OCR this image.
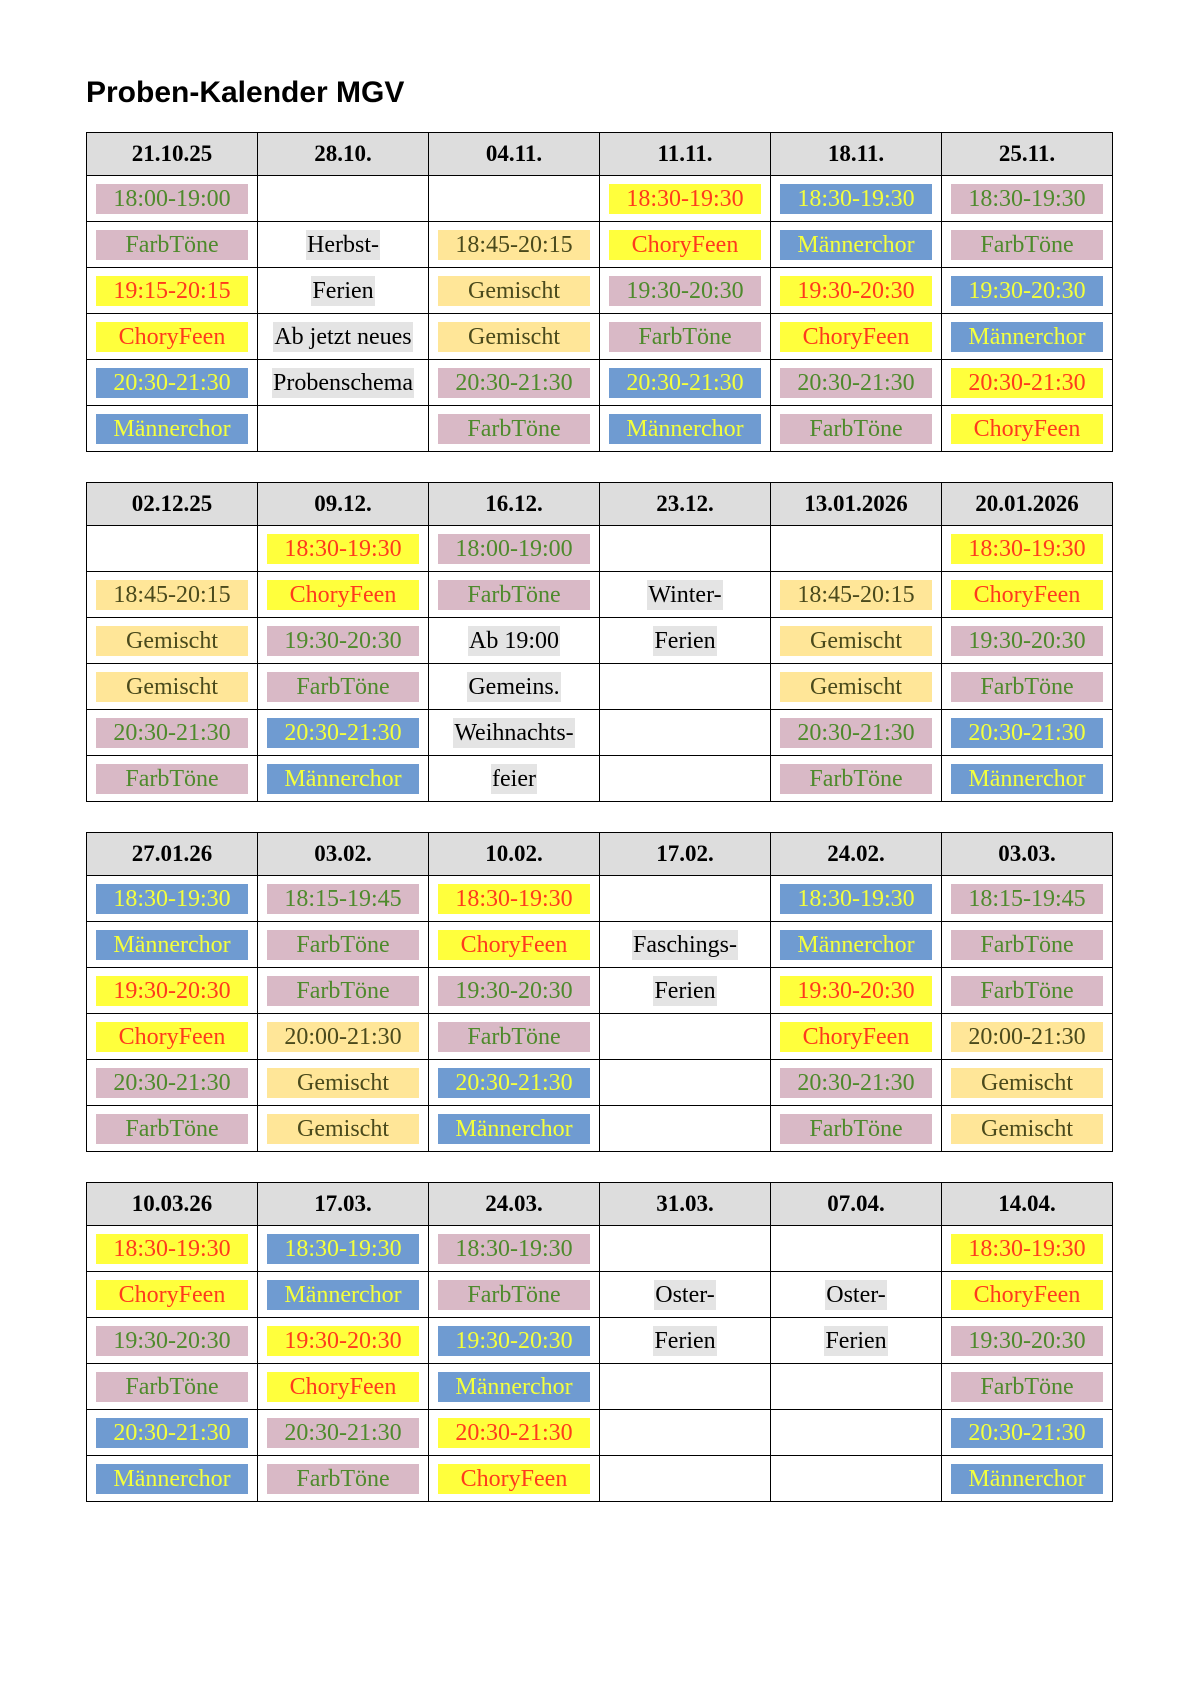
Proben-Kalender MGV
21.10.25	28.10.	04.11.	11.11.	18.11.	25.11.
18:00-19:00			18:30-19:30	18:30-19:30	18:30-19:30
FarbTöne	Herbst-	18:45-20:15	ChoryFeen	Männerchor	FarbTöne
19:15-20:15	Ferien	Gemischt	19:30-20:30	19:30-20:30	19:30-20:30
ChoryFeen	Ab jetzt neues	Gemischt	FarbTöne	ChoryFeen	Männerchor
20:30-21:30	Probenschema	20:30-21:30	20:30-21:30	20:30-21:30	20:30-21:30
Männerchor		FarbTöne	Männerchor	FarbTöne	ChoryFeen
02.12.25	09.12.	16.12.	23.12.	13.01.2026	20.01.2026
	18:30-19:30	18:00-19:00			18:30-19:30
18:45-20:15	ChoryFeen	FarbTöne	Winter-	18:45-20:15	ChoryFeen
Gemischt	19:30-20:30	Ab 19:00	Ferien	Gemischt	19:30-20:30
Gemischt	FarbTöne	Gemeins.		Gemischt	FarbTöne
20:30-21:30	20:30-21:30	Weihnachts-		20:30-21:30	20:30-21:30
FarbTöne	Männerchor	feier		FarbTöne	Männerchor
27.01.26	03.02.	10.02.	17.02.	24.02.	03.03.
18:30-19:30	18:15-19:45	18:30-19:30		18:30-19:30	18:15-19:45
Männerchor	FarbTöne	ChoryFeen	Faschings-	Männerchor	FarbTöne
19:30-20:30	FarbTöne	19:30-20:30	Ferien	19:30-20:30	FarbTöne
ChoryFeen	20:00-21:30	FarbTöne		ChoryFeen	20:00-21:30
20:30-21:30	Gemischt	20:30-21:30		20:30-21:30	Gemischt
FarbTöne	Gemischt	Männerchor		FarbTöne	Gemischt
10.03.26	17.03.	24.03.	31.03.	07.04.	14.04.
18:30-19:30	18:30-19:30	18:30-19:30			18:30-19:30
ChoryFeen	Männerchor	FarbTöne	Oster-	Oster-	ChoryFeen
19:30-20:30	19:30-20:30	19:30-20:30	Ferien	Ferien	19:30-20:30
FarbTöne	ChoryFeen	Männerchor			FarbTöne
20:30-21:30	20:30-21:30	20:30-21:30			20:30-21:30
Männerchor	FarbTöne	ChoryFeen			Männerchor
